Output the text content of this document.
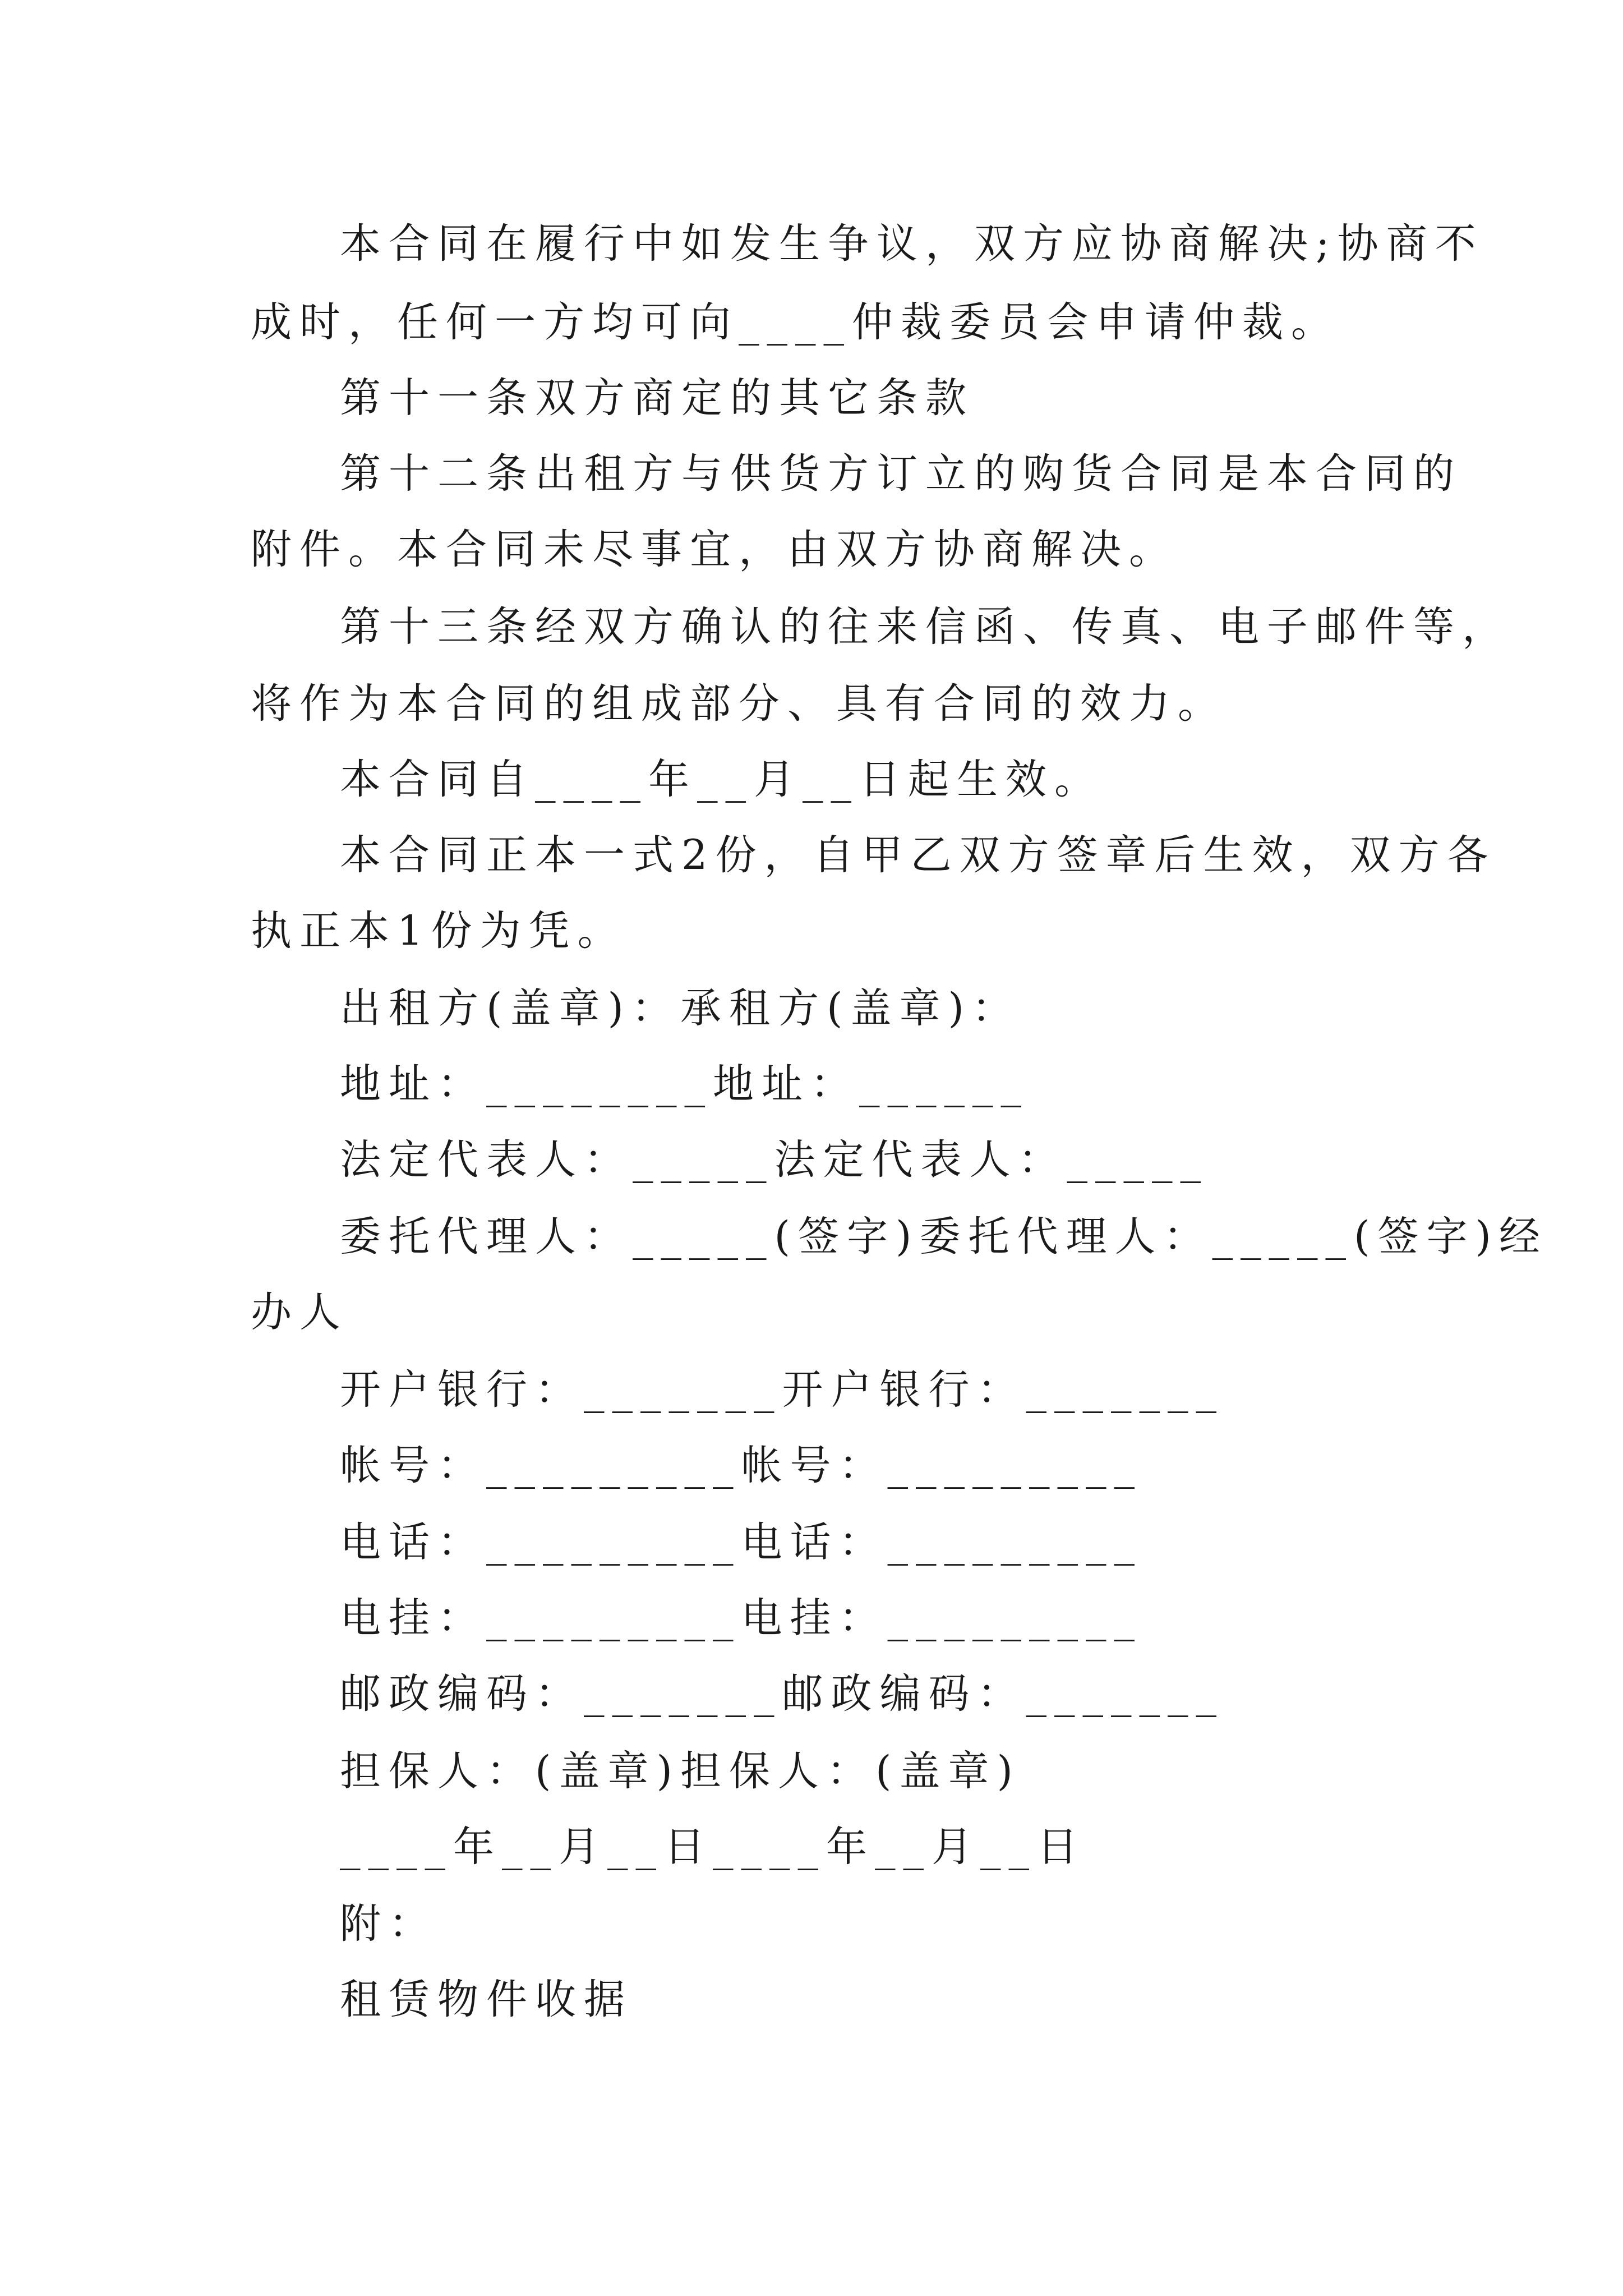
本合同在履行中如发生争议，双方应协商解决;协商不
成时，任何一方均可向____仲裁委员会申请仲裁。
第十一条双方商定的其它条款
第十二条出租方与供货方订立的购货合同是本合同的
附件。本合同未尽事宜，由双方协商解决。
第十三条经双方确认的往来信函、传真、电子邮件等，
将作为本合同的组成部分、具有合同的效力。
本合同自____年__月__日起生效。
本合同正本一式2份，自甲乙双方签章后生效，双方各
执正本1份为凭。
出租方(盖章)：承租方(盖章)：
地址：________地址：______
法定代表人：_____法定代表人：_____
委托代理人：_____(签字)委托代理人：_____(签字)经
办人
开户银行：_______开户银行：_______
帐号：_________帐号：_________
电话：_________电话：_________
电挂：_________电挂：_________
邮政编码：_______邮政编码：_______
担保人：(盖章)担保人：(盖章)
____年__月__日____年__月__日
附：
租赁物件收据
